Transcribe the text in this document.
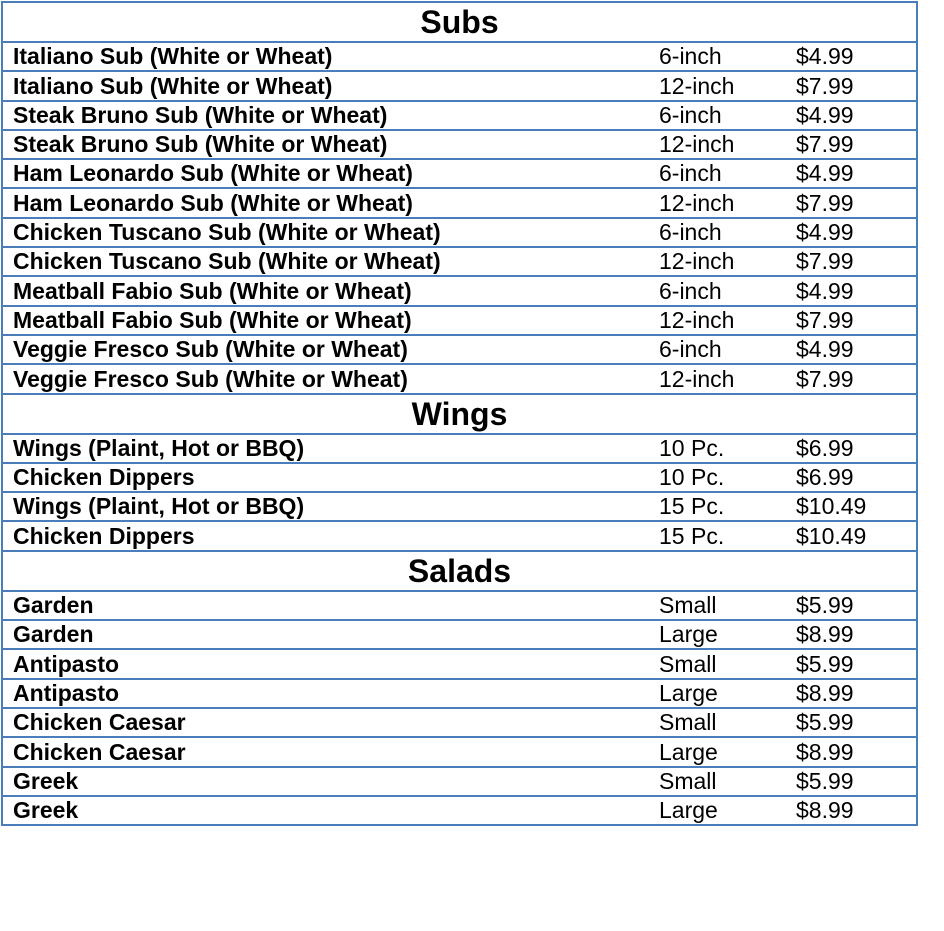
Subs		
Italiano Sub (White or Wheat)	6-inch	$4.99
Italiano Sub (White or Wheat)	12-inch	$7.99
Steak Bruno Sub (White or Wheat)	6-inch	$4.99
Steak Bruno Sub (White or Wheat)	12-inch	$7.99
Ham Leonardo Sub (White or Wheat)	6-inch	$4.99
Ham Leonardo Sub (White or Wheat)	12-inch	$7.99
Chicken Tuscano Sub (White or Wheat)	6-inch	$4.99
Chicken Tuscano Sub (White or Wheat)	12-inch	$7.99
Meatball Fabio Sub (White or Wheat)	6-inch	$4.99
Meatball Fabio Sub (White or Wheat)	12-inch	$7.99
Veggie Fresco Sub (White or Wheat)	6-inch	$4.99
Veggie Fresco Sub (White or Wheat)	12-inch	$7.99
Wings		
Wings (Plaint, Hot or BBQ)	10 Pc.	$6.99
Chicken Dippers	10 Pc.	$6.99
Wings (Plaint, Hot or BBQ)	15 Pc.	$10.49
Chicken Dippers	15 Pc.	$10.49
Salads		
Garden	Small	$5.99
Garden	Large	$8.99
Antipasto	Small	$5.99
Antipasto	Large	$8.99
Chicken Caesar	Small	$5.99
Chicken Caesar	Large	$8.99
Greek	Small	$5.99
Greek	Large	$8.99
